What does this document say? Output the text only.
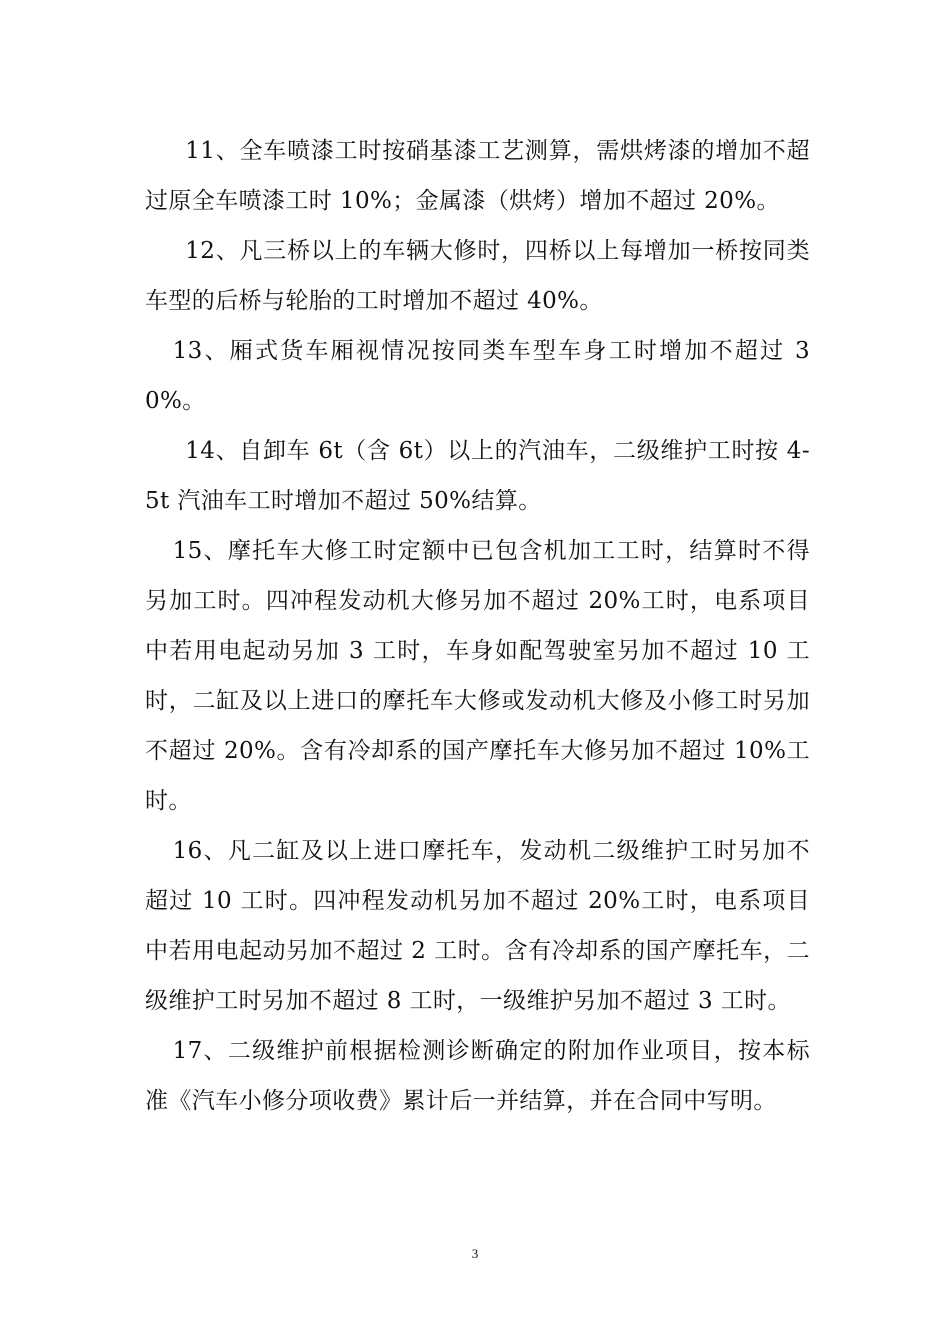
11、全车喷漆工时按硝基漆工艺测算，需烘烤漆的增加不超过原全车喷漆工时 10%；金属漆（烘烤）增加不超过 20%。

12、凡三桥以上的车辆大修时，四桥以上每增加一桥按同类车型的后桥与轮胎的工时增加不超过 40%。

13、厢式货车厢视情况按同类车型车身工时增加不超过 30%。

14、自卸车 6t（含 6t）以上的汽油车，二级维护工时按 4-5t 汽油车工时增加不超过 50%结算。

15、摩托车大修工时定额中已包含机加工工时，结算时不得另加工时。四冲程发动机大修另加不超过 20%工时，电系项目中若用电起动另加 3 工时，车身如配驾驶室另加不超过 10 工时，二缸及以上进口的摩托车大修或发动机大修及小修工时另加不超过 20%。含有冷却系的国产摩托车大修另加不超过 10%工时。

16、凡二缸及以上进口摩托车，发动机二级维护工时另加不超过 10 工时。四冲程发动机另加不超过 20%工时，电系项目中若用电起动另加不超过 2 工时。含有冷却系的国产摩托车，二级维护工时另加不超过 8 工时，一级维护另加不超过 3 工时。

17、二级维护前根据检测诊断确定的附加作业项目，按本标准《汽车小修分项收费》累计后一并结算，并在合同中写明。

3
